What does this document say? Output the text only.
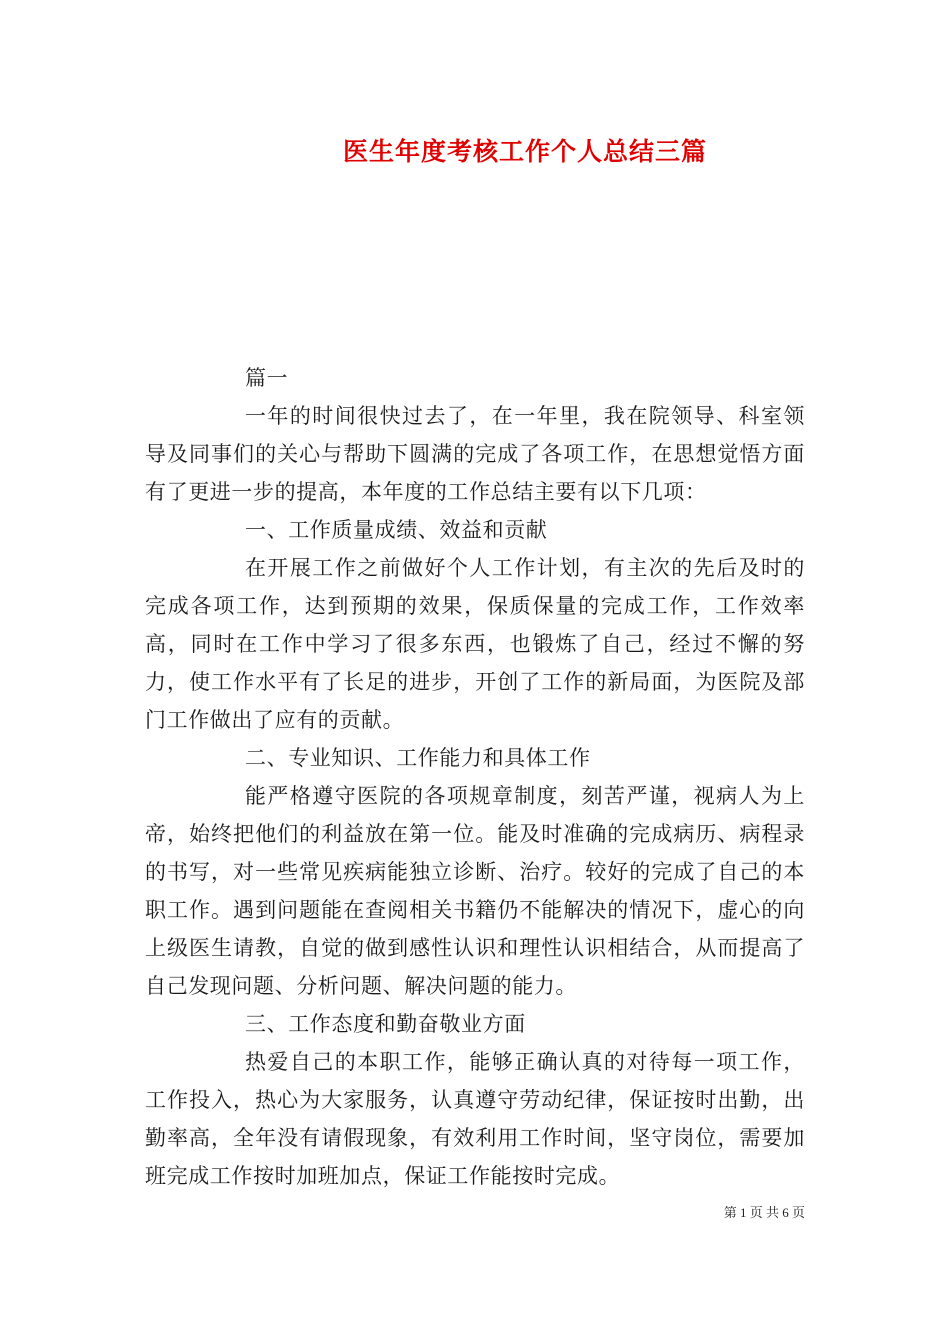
医生年度考核工作个人总结三篇

篇一

一年的时间很快过去了，在一年里，我在院领导、科室领导及同事们的关心与帮助下圆满的完成了各项工作，在思想觉悟方面有了更进一步的提高，本年度的工作总结主要有以下几项：

一、工作质量成绩、效益和贡献

在开展工作之前做好个人工作计划，有主次的先后及时的完成各项工作，达到预期的效果，保质保量的完成工作，工作效率高，同时在工作中学习了很多东西，也锻炼了自己，经过不懈的努力，使工作水平有了长足的进步，开创了工作的新局面，为医院及部门工作做出了应有的贡献。

二、专业知识、工作能力和具体工作

能严格遵守医院的各项规章制度，刻苦严谨，视病人为上帝，始终把他们的利益放在第一位。能及时准确的完成病历、病程录的书写，对一些常见疾病能独立诊断、治疗。较好的完成了自己的本职工作。遇到问题能在查阅相关书籍仍不能解决的情况下，虚心的向上级医生请教，自觉的做到感性认识和理性认识相结合，从而提高了自己发现问题、分析问题、解决问题的能力。

三、工作态度和勤奋敬业方面

热爱自己的本职工作，能够正确认真的对待每一项工作，工作投入，热心为大家服务，认真遵守劳动纪律，保证按时出勤，出勤率高，全年没有请假现象，有效利用工作时间，坚守岗位，需要加班完成工作按时加班加点，保证工作能按时完成。

第 1 页 共 6 页
